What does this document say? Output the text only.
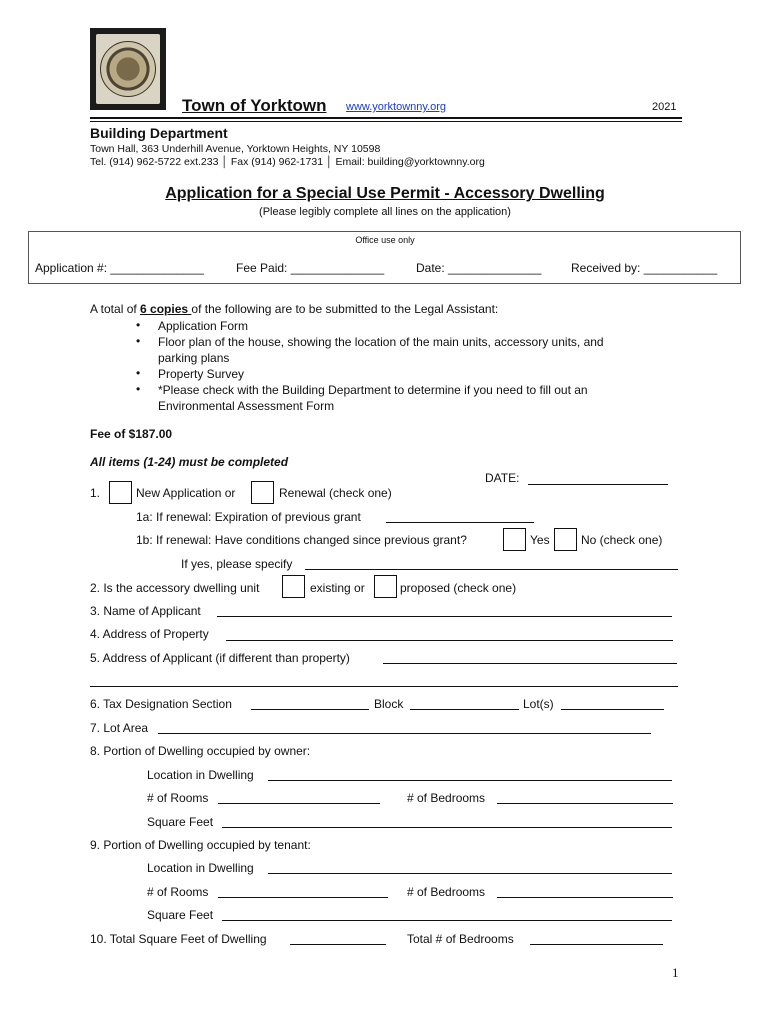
Town of Yorktown www.yorktownny.org	2021
Building Department
Town Hall, 363 Underhill Avenue, Yorktown Heights, NY 10598
Tel. (914) 962-5722 ext.233 │ Fax (914) 962-1731 │ Email: building@yorktownny.org
Application for a Special Use Permit - Accessory Dwelling
(Please legibly complete all lines on the application)
Office use only
Application #: ______________	Fee Paid: ______________	Date: ______________ Received by: ___________
A total of 6 copies of the following are to be submitted to the Legal Assistant:
• Application Form
• Floor plan of the house, showing the location of the main units, accessory units, and
parking plans
• Property Survey
• *Please check with the Building Department to determine if you need to fill out an
Environmental Assessment Form
Fee of $187.00
All items (1-24) must be completed
DATE:
1.	New Application or	Renewal (check one)
1a: If renewal: Expiration of previous grant
1b: If renewal: Have conditions changed since previous grant?	Yes	No (check one)
If yes, please specify
2. Is the accessory dwelling unit	existing or	proposed (check one)
3. Name of Applicant
4. Address of Property
5. Address of Applicant (if different than property)
6. Tax Designation Section	Block	Lot(s)
7. Lot Area
8. Portion of Dwelling occupied by owner:
Location in Dwelling
# of Rooms	# of Bedrooms
Square Feet
9. Portion of Dwelling occupied by tenant:
Location in Dwelling
# of Rooms	# of Bedrooms
Square Feet
10. Total Square Feet of Dwelling	Total # of Bedrooms
1
